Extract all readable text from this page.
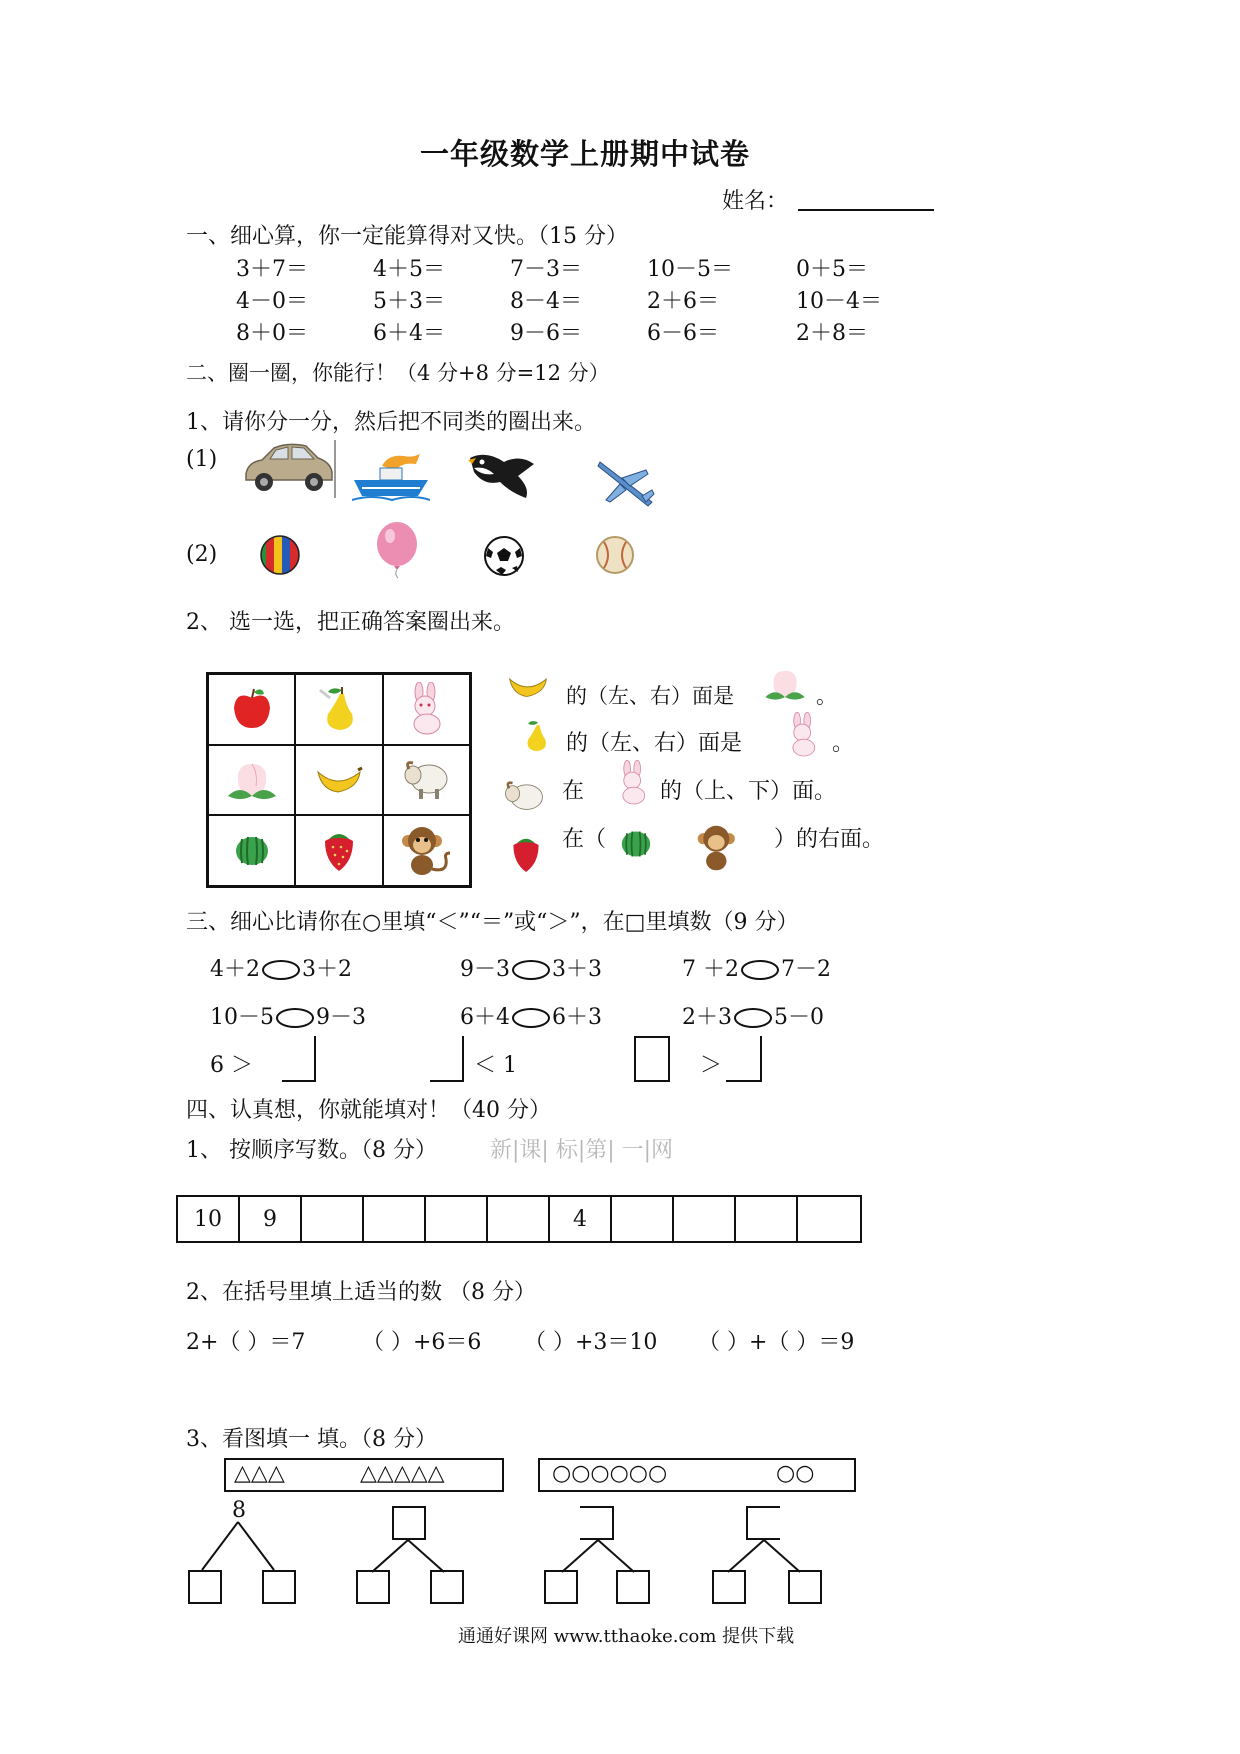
一年级数学上册期中试卷
姓名：
一、细心算，你一定能算得对又快。（15 分）
3＋7＝	4＋5＝	7－3＝	10－5＝	0＋5＝
4－0＝	5＋3＝	8－4＝	2＋6＝	10－4＝
8＋0＝	6＋4＝	9－6＝	6－6＝	2＋8＝
二、圈一圈，你能行！（4 分+8 分=12 分）
1、请你分一分，然后把不同类的圈出来。
(1)
(2)
2、 选一选，把正确答案圈出来。
的（左、右）面是	。
的（左、右）面是	。
在	的（上、下）面。
在（	）的右面。
三、细心比请你在○里填“＜”“＝”或“＞”，在□里填数（9 分）
4＋2 3＋2	9－3 3＋3	7 ＋2 7－2
10－5 9－3	6＋4 6＋3	2＋3 5－0
6 ＞	＜ 1	＞
四、认真想，你就能填对！（40 分）
1、 按顺序写数。（8 分） 新|课| 标|第| 一|网
10	9	4
2、在括号里填上适当的数 （8 分）
2+（ ）＝7	（ ）+6＝6 （ ）+3＝10 （ ）+（ ）＝9
3、看图填一 填。（8 分）
△△△	△△△△△	○○○○○○	○○
8
通通好课网 www.tthaoke.com 提供下载
